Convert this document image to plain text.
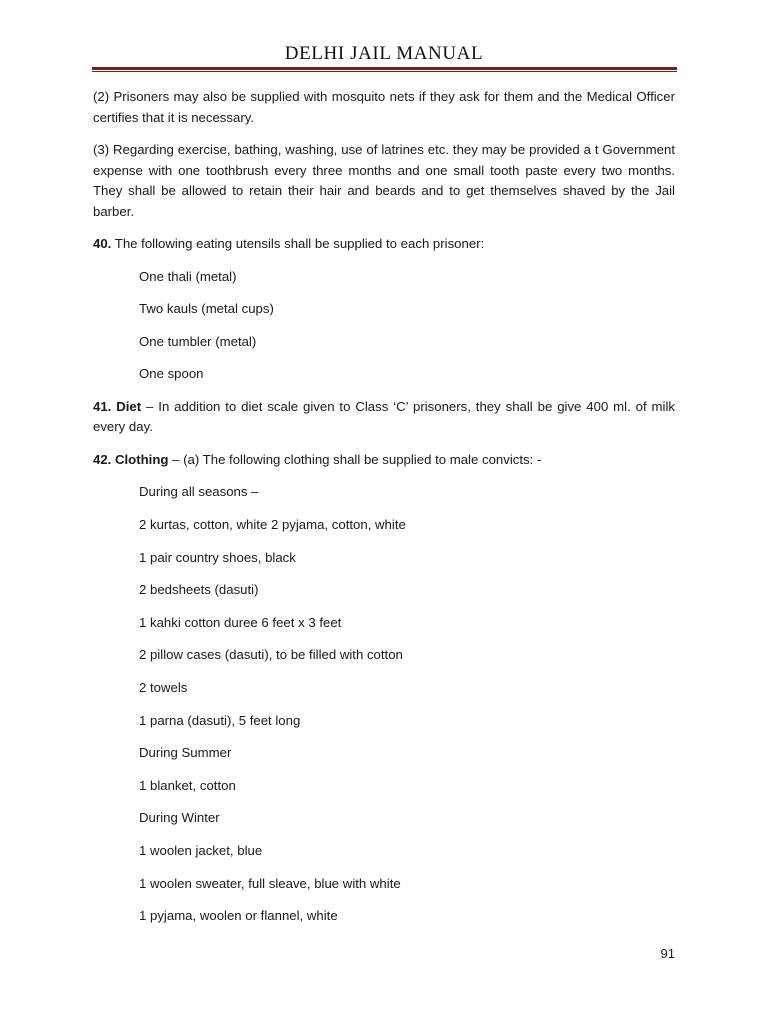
DELHI JAIL MANUAL

(2) Prisoners may also be supplied with mosquito nets if they ask for them and the Medical Officer certifies that it is necessary.

(3) Regarding exercise, bathing, washing, use of latrines etc. they may be provided a t Government expense with one toothbrush every three months and one small tooth paste every two months. They shall be allowed to retain their hair and beards and to get themselves shaved by the Jail barber.

40. The following eating utensils shall be supplied to each prisoner:

One thali (metal)
Two kauls (metal cups)
One tumbler (metal)
One spoon

41. Diet – In addition to diet scale given to Class ‘C’ prisoners, they shall be give 400 ml. of milk every day.

42. Clothing – (a) The following clothing shall be supplied to male convicts: -

During all seasons –
2 kurtas, cotton, white 2 pyjama, cotton, white
1 pair country shoes, black
2 bedsheets (dasuti)
1 kahki cotton duree 6 feet x 3 feet
2 pillow cases (dasuti), to be filled with cotton
2 towels
1 parna (dasuti), 5 feet long
During Summer
1 blanket, cotton
During Winter
1 woolen jacket, blue
1 woolen sweater, full sleave, blue with white
1 pyjama, woolen or flannel, white
91
